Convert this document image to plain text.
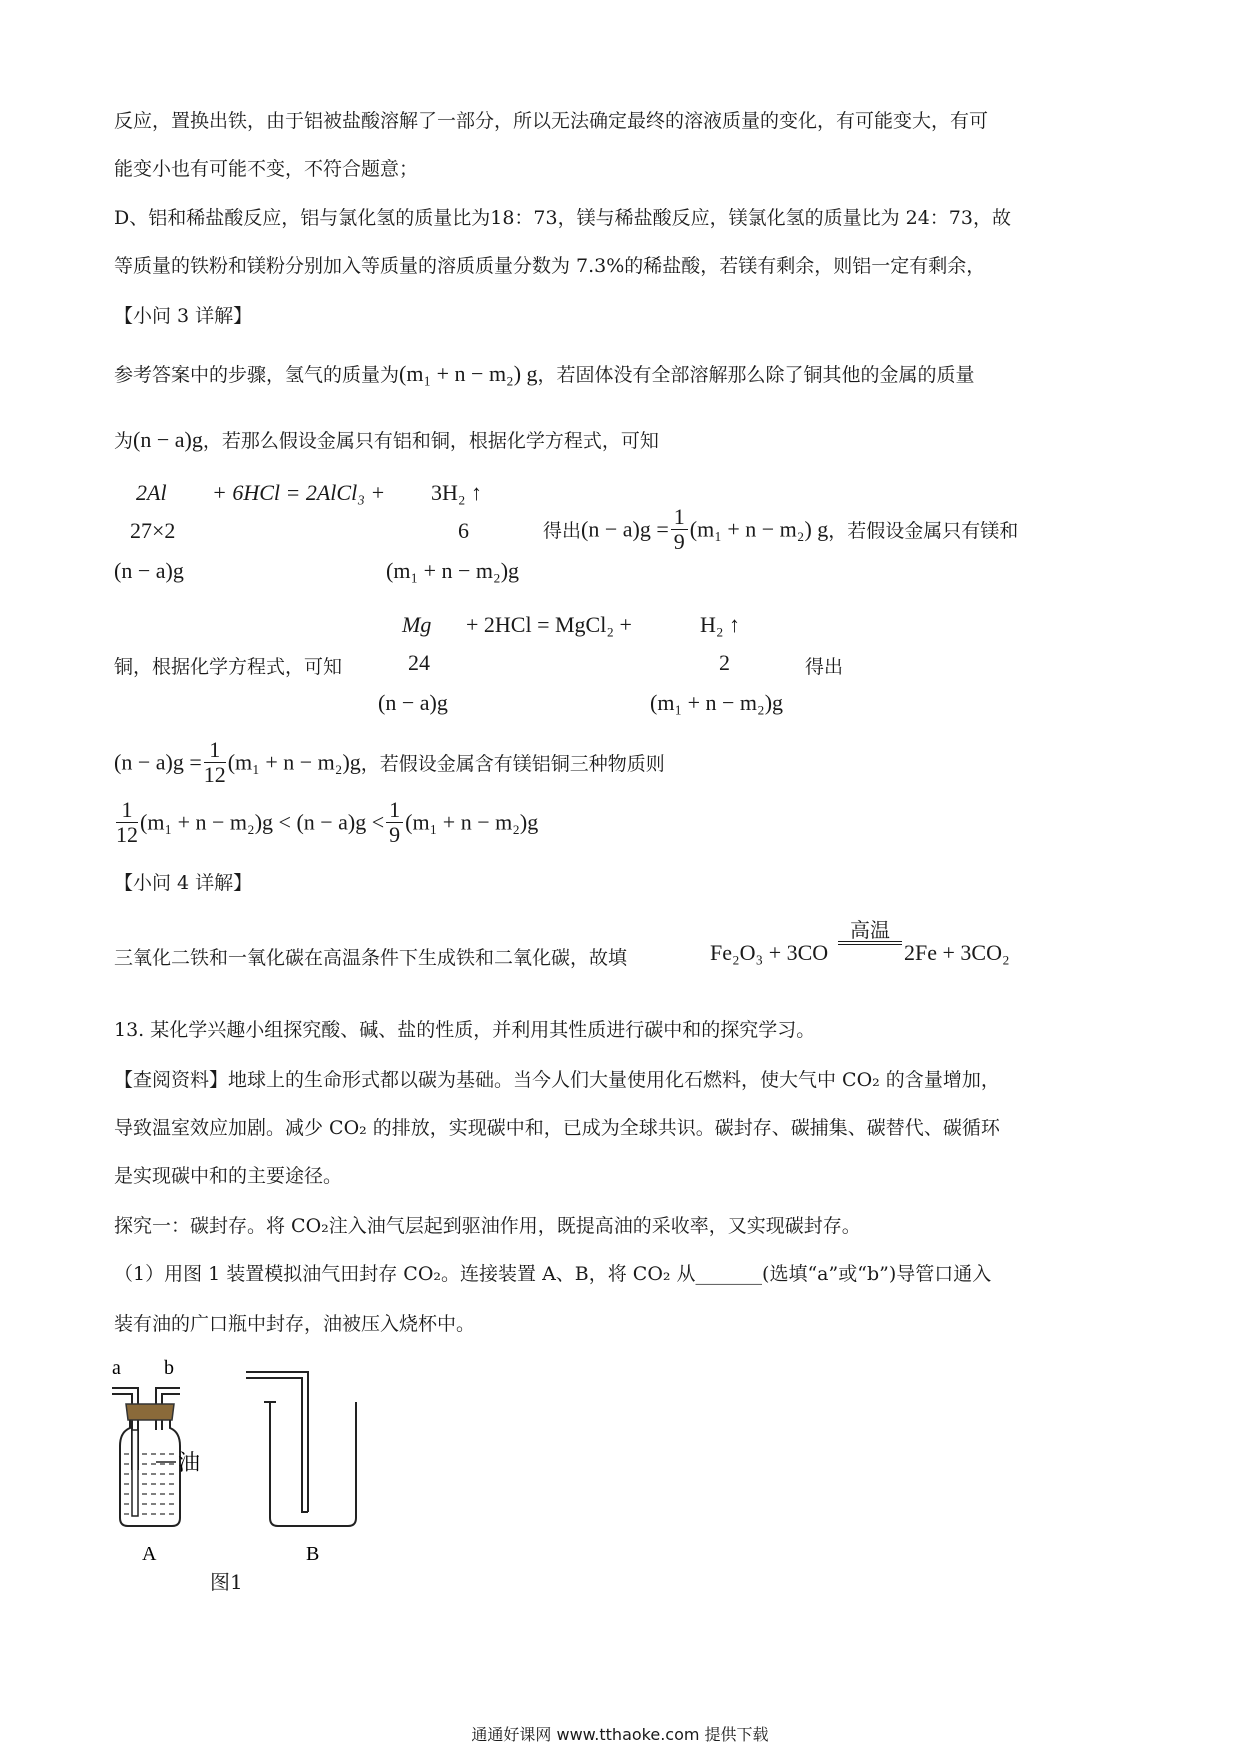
反应，置换出铁，由于铝被盐酸溶解了一部分，所以无法确定最终的溶液质量的变化，有可能变大，有可
能变小也有可能不变，不符合题意；
D、铝和稀盐酸反应，铝与氯化氢的质量比为18：73，镁与稀盐酸反应，镁氯化氢的质量比为 24：73，故
等质量的铁粉和镁粉分别加入等质量的溶质质量分数为 7.3%的稀盐酸，若镁有剩余，则铝一定有剩余，
【小问 3 详解】
参考答案中的步骤，氢气的质量为(m₁ + n − m₂) g，若固体没有全部溶解那么除了铜其他的金属的质量
为(n − a)g，若那么假设金属只有铝和铜，根据化学方程式，可知
2Al + 6HCl = 2AlCl₃ + 3H₂ ↑
27×2	6
(n − a)g	(m₁ + n − m₂)g
得出$(n - a)g = \frac{1}{9} (m_1 + n - m_2)$ g，若假设金属只有镁和
Mg + 2HCl = MgCl₂ +	H₂ ↑
铜，根据化学方程式，可知	24	2	得出
(n − a)g	(m₁ + n − m₂)g
$(n - a)g = \frac{1}{12} (m_1 + n - m_2)g$，若假设金属含有镁铝铜三种物质则
$\frac{1}{12} (m_1 + n - m_2)g < (n - a)g < \frac{1}{9} (m_1 + n - m_2)g$
【小问 4 详解】
三氧化二铁和一氧化碳在高温条件下生成铁和二氧化碳，故填	Fe₂O₃ + 3CO
高温
2Fe + 3CO₂
13. 某化学兴趣小组探究酸、碱、盐的性质，并利用其性质进行碳中和的探究学习。
【查阅资料】地球上的生命形式都以碳为基础。当今人们大量使用化石燃料，使大气中 CO₂ 的含量增加，
导致温室效应加剧。减少 CO₂ 的排放，实现碳中和，已成为全球共识。碳封存、碳捕集、碳替代、碳循环
是实现碳中和的主要途径。
探究一：碳封存。将 CO₂注入油气层起到驱油作用，既提高油的采收率，又实现碳封存。
（1）用图 1 装置模拟油气田封存 CO₂。连接装置 A、B，将 CO₂ 从_______(选填“a”或“b”)导管口通入
装有油的广口瓶中封存，油被压入烧杯中。
a b
油
A	B
图1
通通好课网 www.tthaoke.com 提供下载
